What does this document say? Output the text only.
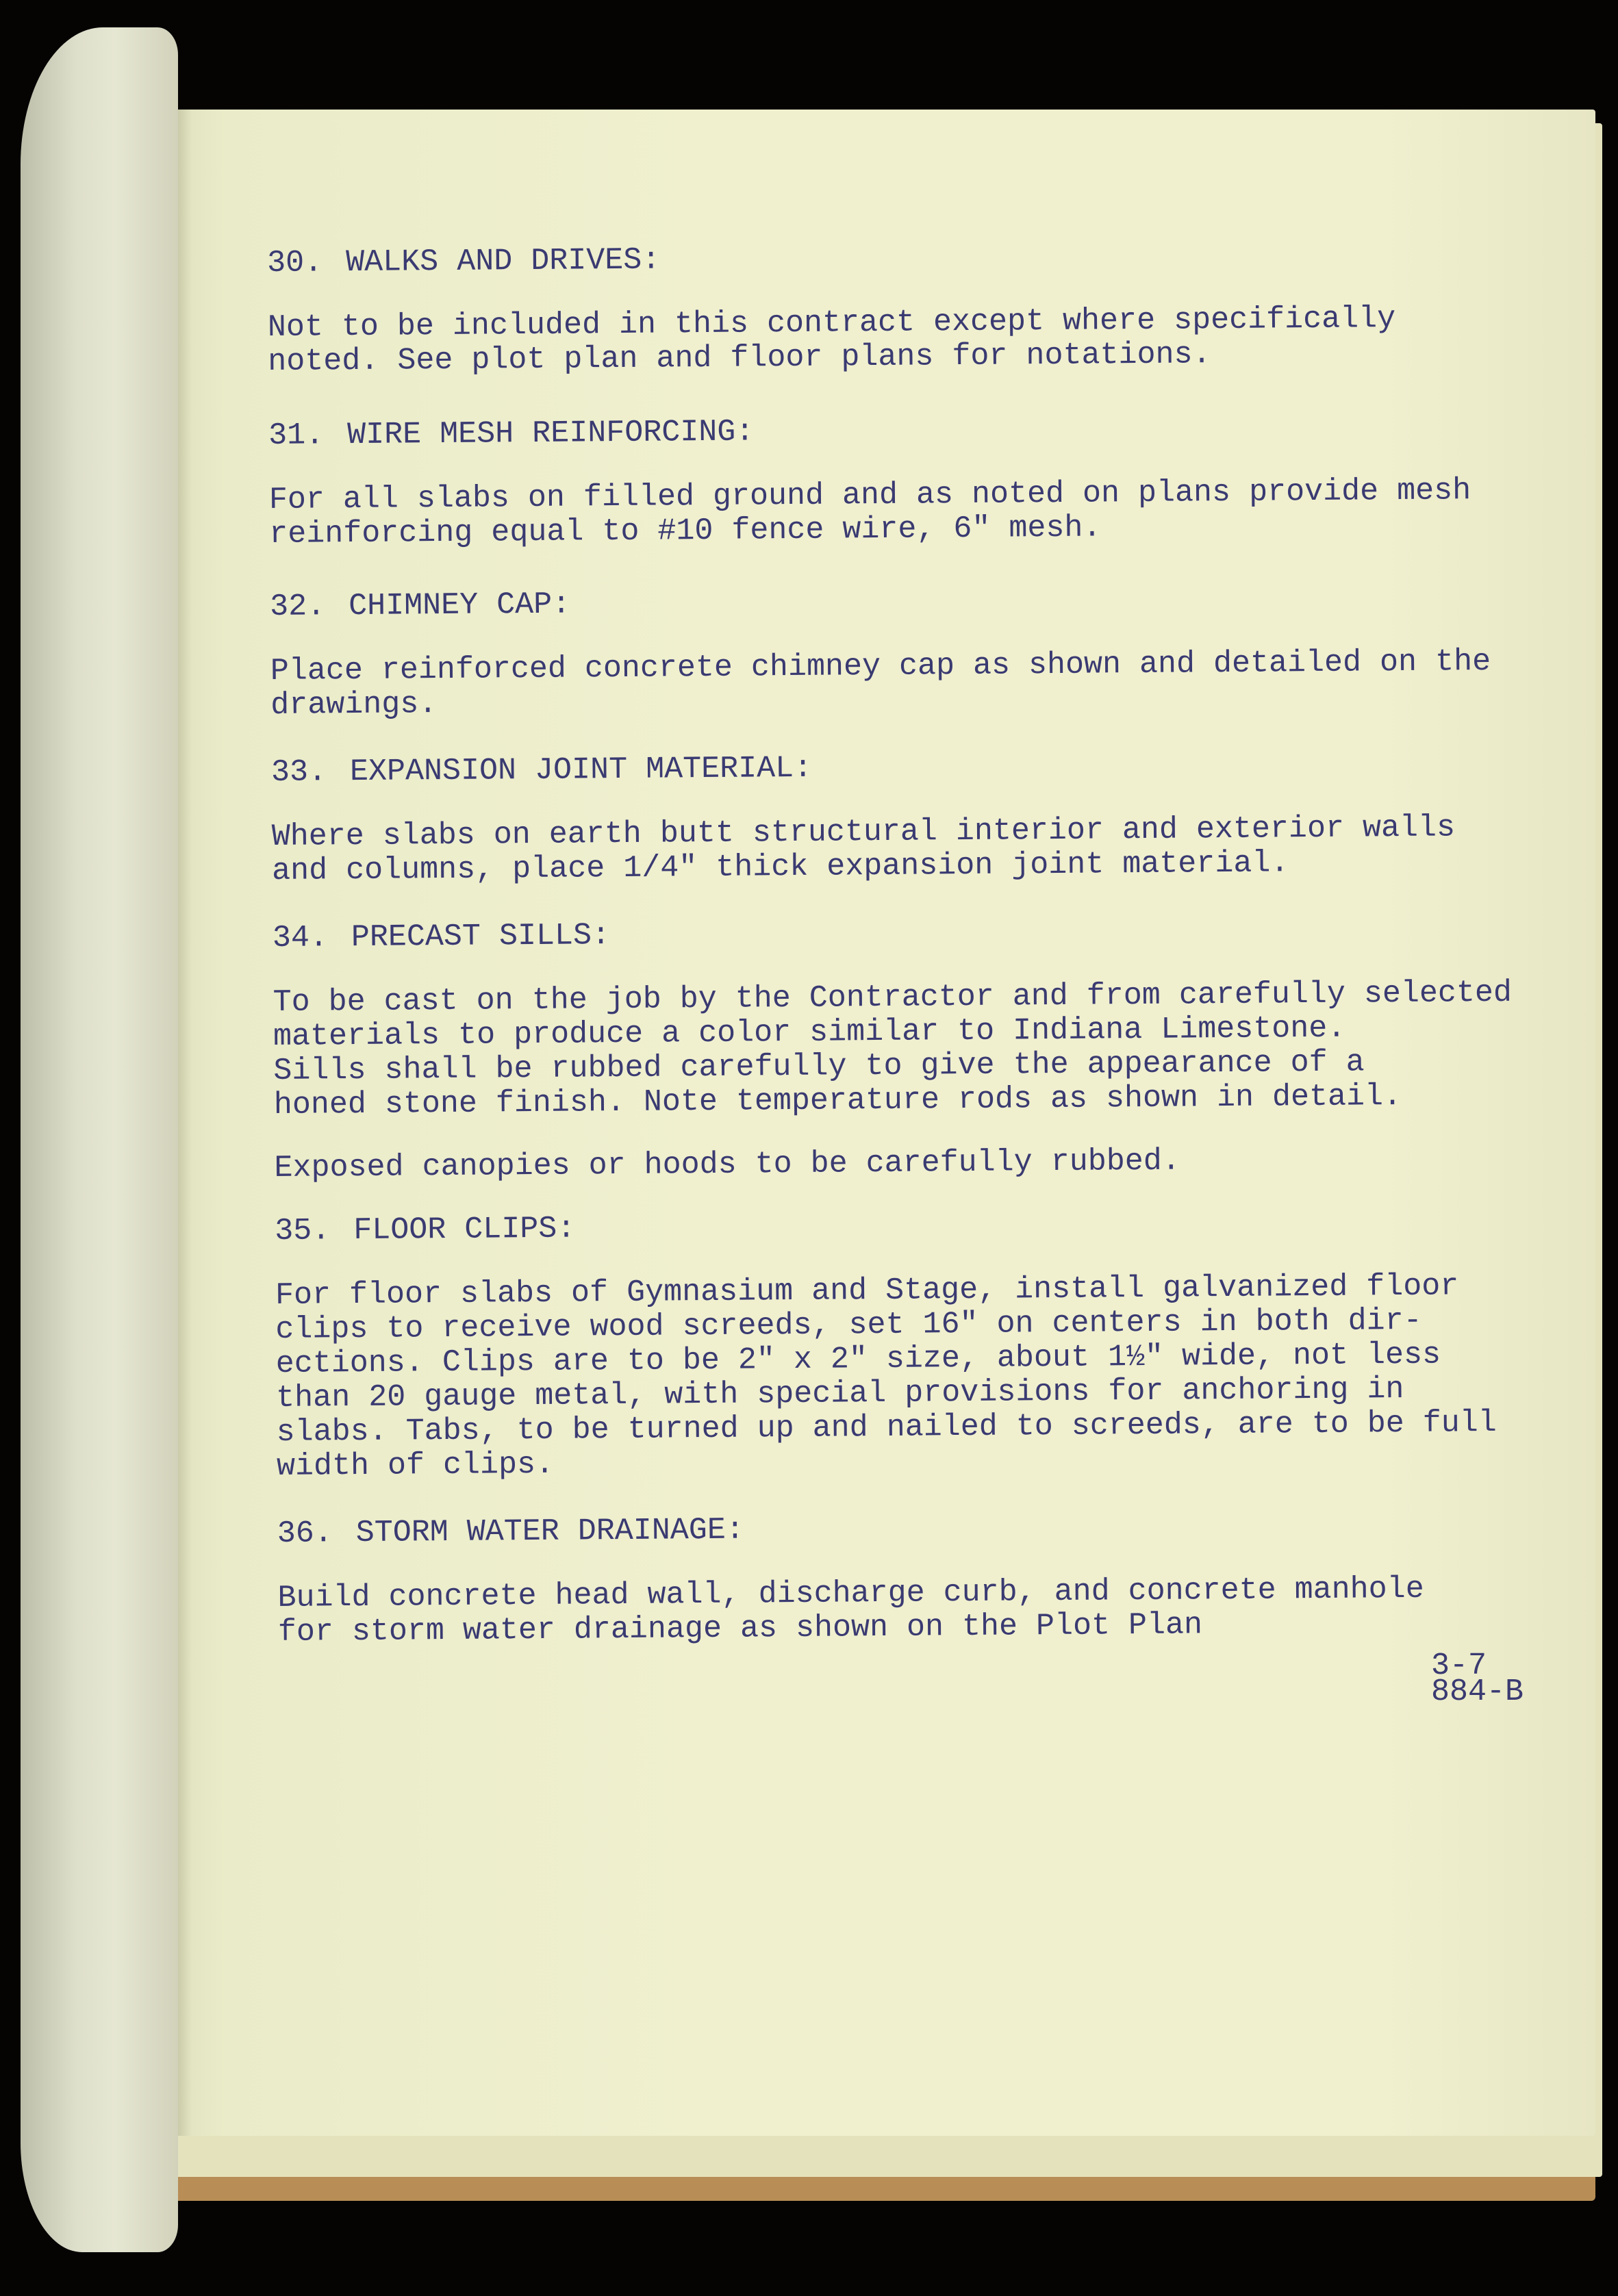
30. WALKS AND DRIVES:
Not to be included in this contract except where specifically
noted. See plot plan and floor plans for notations.
31. WIRE MESH REINFORCING:
For all slabs on filled ground and as noted on plans provide mesh
reinforcing equal to #10 fence wire, 6" mesh.
32. CHIMNEY CAP:
Place reinforced concrete chimney cap as shown and detailed on the
drawings.
33. EXPANSION JOINT MATERIAL:
Where slabs on earth butt structural interior and exterior walls
and columns, place 1/4" thick expansion joint material.
34. PRECAST SILLS:
To be cast on the job by the Contractor and from carefully selected
materials to produce a color similar to Indiana Limestone.
Sills shall be rubbed carefully to give the appearance of a
honed stone finish. Note temperature rods as shown in detail.
Exposed canopies or hoods to be carefully rubbed.
35. FLOOR CLIPS:
For floor slabs of Gymnasium and Stage, install galvanized floor
clips to receive wood screeds, set 16" on centers in both dir-
ections. Clips are to be 2" x 2" size, about 1½" wide, not less
than 20 gauge metal, with special provisions for anchoring in
slabs. Tabs, to be turned up and nailed to screeds, are to be full
width of clips.
36. STORM WATER DRAINAGE:
Build concrete head wall, discharge curb, and concrete manhole
for storm water drainage as shown on the Plot Plan
3-7
884-B
